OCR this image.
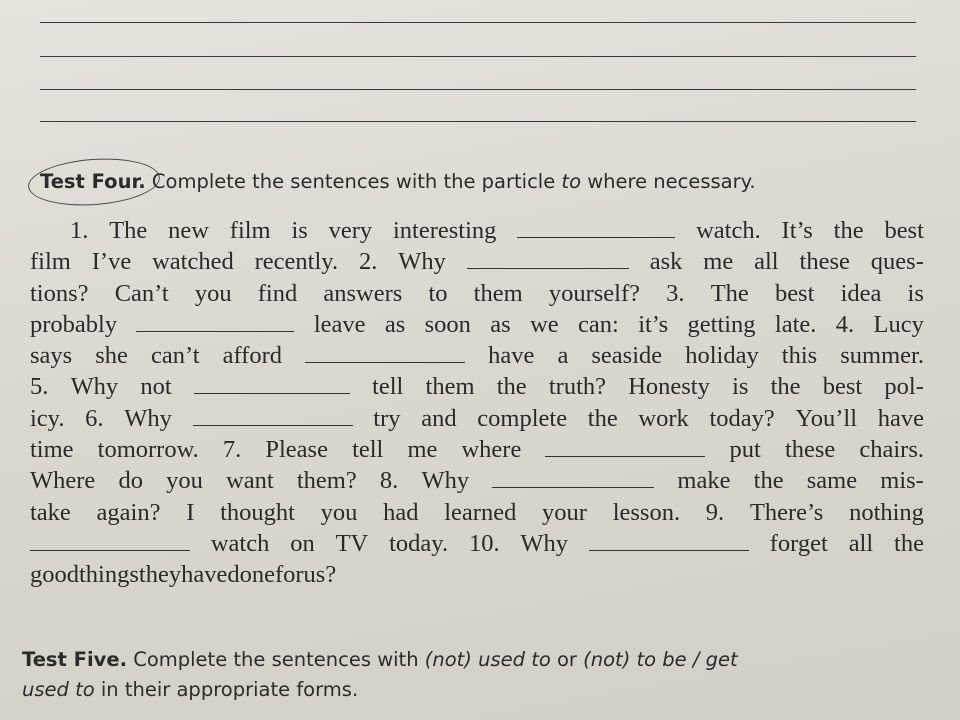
Test Four. Complete the sentences with the particle to where necessary.
1. The new film is very interesting	watch. It’s the best
film I’ve watched recently. 2. Why	ask me all these ques-
tions? Can’t you find answers to them yourself? 3. The best idea is
probably	leave as soon as we can: it’s getting late. 4. Lucy
says she can’t afford	have a seaside holiday this summer.
5. Why not	tell them the truth? Honesty is the best pol-
icy. 6. Why	try and complete the work today? You’ll have
time tomorrow. 7. Please tell me where	put these chairs.
Where do you want them? 8. Why	make the same mis-
take again? I thought you had learned your lesson. 9. There’s nothing
watch on TV today. 10. Why	forget all the
good things they have done for us?
Test Five. Complete the sentences with (not) used to or (not) to be / get
used to in their appropriate forms.
